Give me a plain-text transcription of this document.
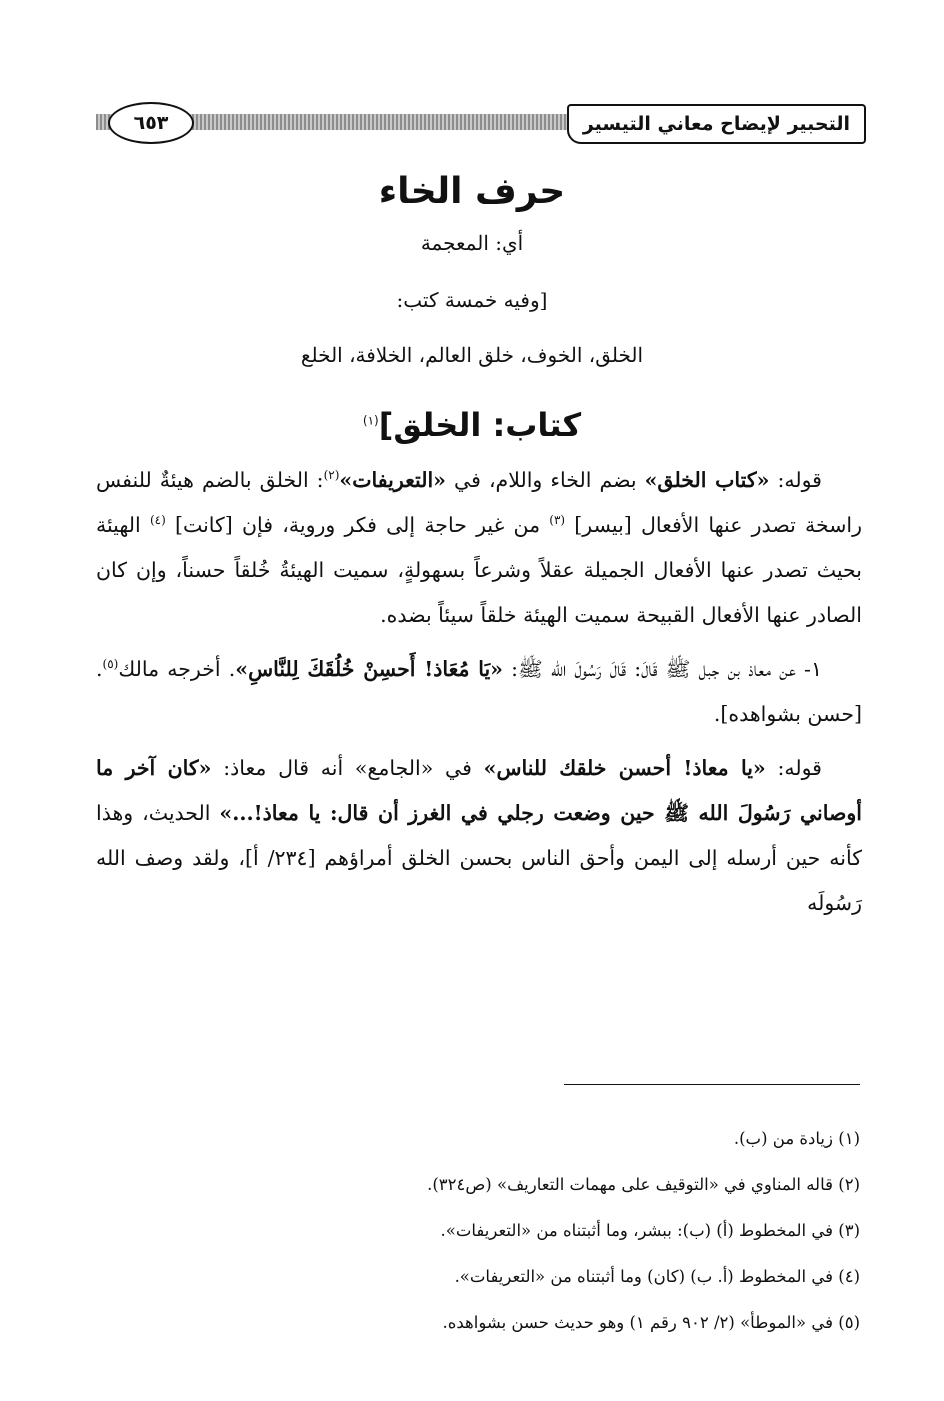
التحبير لإيضاح معاني التيسير
٦٥٣
حرف الخاء

أي: المعجمة

[وفيه خمسة كتب:

الخلق، الخوف، خلق العالم، الخلافة، الخلع

كتاب: الخلق]$^{(١)}$

قوله: «كتاب الخلق» بضم الخاء واللام، في «التعريفات»$^{(٢)}$: الخلق بالضم هيئةٌ للنفس راسخة تصدر عنها الأفعال [بيسر] $^{(٣)}$ من غير حاجة إلى فكر وروية، فإن [كانت] $^{(٤)}$ الهيئة بحيث تصدر عنها الأفعال الجميلة عقلاً وشرعاً بسهولةٍ، سميت الهيئةُ خُلقاً حسناً، وإن كان الصادر عنها الأفعال القبيحة سميت الهيئة خلقاً سيئاً بضده.

١- عن معاذ بن جبل ﷺ قَالَ: قَالَ رَسُولَ الله ﷺ: «يَا مُعَاذ! أَحسِنْ خُلُقَكَ لِلنَّاسِ». أخرجه مالك$^{(٥)}$. [حسن بشواهده].

قوله: «يا معاذ! أحسن خلقك للناس» في «الجامع» أنه قال معاذ: «كان آخر ما أوصاني رَسُولَ الله ﷺ حين وضعت رجلي في الغرز أن قال: يا معاذ!...» الحديث، وهذا كأنه حين أرسله إلى اليمن وأحق الناس بحسن الخلق أمراؤهم [٢٣٤/ أ]، ولقد وصف الله رَسُولَه

(١) زيادة من (ب).
(٢) قاله المناوي في «التوقيف على مهمات التعاريف» (ص٣٢٤).
(٣) في المخطوط (أ) (ب): ببشر، وما أثبتناه من «التعريفات».
(٤) في المخطوط (أ. ب) (كان) وما أثبتناه من «التعريفات».
(٥) في «الموطأ» (٢/ ٩٠٢ رقم ١) وهو حديث حسن بشواهده.
